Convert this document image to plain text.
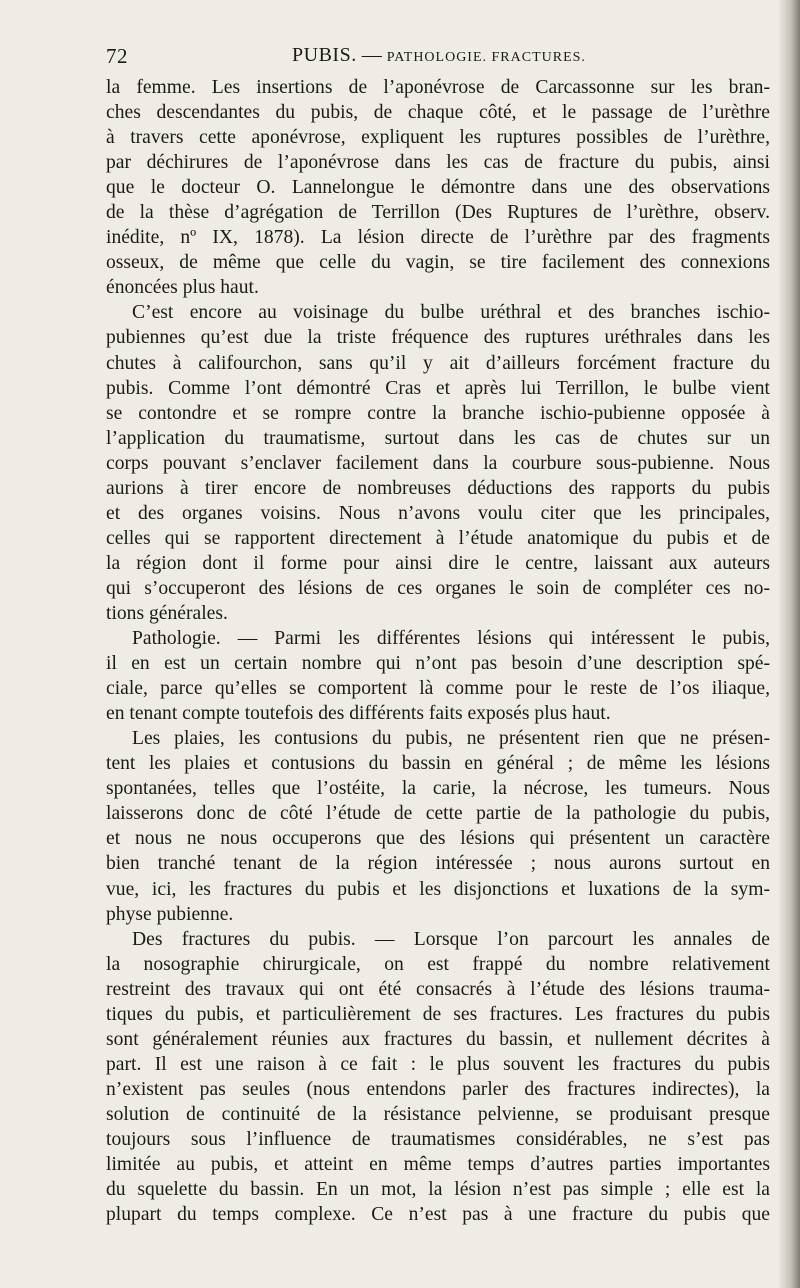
72	PUBIS. — PATHOLOGIE. FRACTURES.
la femme. Les insertions de l’aponévrose de Carcassonne sur les bran-
ches descendantes du pubis, de chaque côté, et le passage de l’urèthre
à travers cette aponévrose, expliquent les ruptures possibles de l’urèthre,
par déchirures de l’aponévrose dans les cas de fracture du pubis, ainsi
que le docteur O. Lannelongue le démontre dans une des observations
de la thèse d’agrégation de Terrillon (Des Ruptures de l’urèthre, observ.
inédite, nº IX, 1878). La lésion directe de l’urèthre par des fragments
osseux, de même que celle du vagin, se tire facilement des connexions
énoncées plus haut.
C’est encore au voisinage du bulbe uréthral et des branches ischio-
pubiennes qu’est due la triste fréquence des ruptures uréthrales dans les
chutes à califourchon, sans qu’il y ait d’ailleurs forcément fracture du
pubis. Comme l’ont démontré Cras et après lui Terrillon, le bulbe vient
se contondre et se rompre contre la branche ischio-pubienne opposée à
l’application du traumatisme, surtout dans les cas de chutes sur un
corps pouvant s’enclaver facilement dans la courbure sous-pubienne. Nous
aurions à tirer encore de nombreuses déductions des rapports du pubis
et des organes voisins. Nous n’avons voulu citer que les principales,
celles qui se rapportent directement à l’étude anatomique du pubis et de
la région dont il forme pour ainsi dire le centre, laissant aux auteurs
qui s’occuperont des lésions de ces organes le soin de compléter ces no-
tions générales.
Pathologie. — Parmi les différentes lésions qui intéressent le pubis,
il en est un certain nombre qui n’ont pas besoin d’une description spé-
ciale, parce qu’elles se comportent là comme pour le reste de l’os iliaque,
en tenant compte toutefois des différents faits exposés plus haut.
Les plaies, les contusions du pubis, ne présentent rien que ne présen-
tent les plaies et contusions du bassin en général ; de même les lésions
spontanées, telles que l’ostéite, la carie, la nécrose, les tumeurs. Nous
laisserons donc de côté l’étude de cette partie de la pathologie du pubis,
et nous ne nous occuperons que des lésions qui présentent un caractère
bien tranché tenant de la région intéressée ; nous aurons surtout en
vue, ici, les fractures du pubis et les disjonctions et luxations de la sym-
physe pubienne.
Des fractures du pubis. — Lorsque l’on parcourt les annales de
la nosographie chirurgicale, on est frappé du nombre relativement
restreint des travaux qui ont été consacrés à l’étude des lésions trauma-
tiques du pubis, et particulièrement de ses fractures. Les fractures du pubis
sont généralement réunies aux fractures du bassin, et nullement décrites à
part. Il est une raison à ce fait : le plus souvent les fractures du pubis
n’existent pas seules (nous entendons parler des fractures indirectes), la
solution de continuité de la résistance pelvienne, se produisant presque
toujours sous l’influence de traumatismes considérables, ne s’est pas
limitée au pubis, et atteint en même temps d’autres parties importantes
du squelette du bassin. En un mot, la lésion n’est pas simple ; elle est la
plupart du temps complexe. Ce n’est pas à une fracture du pubis que
